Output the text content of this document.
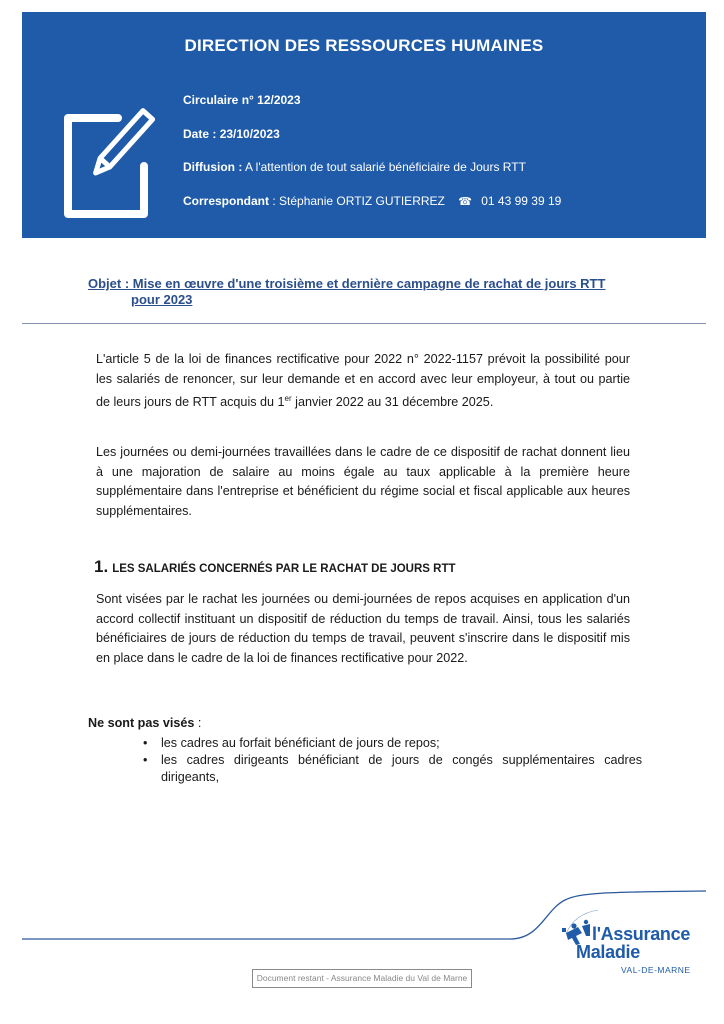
DIRECTION DES RESSOURCES HUMAINES
Circulaire n° 12/2023
Date : 23/10/2023
Diffusion : A l'attention de tout salarié bénéficiaire de Jours RTT
Correspondant : Stéphanie ORTIZ GUTIERREZ ☎ 01 43 99 39 19
Objet : Mise en œuvre d'une troisième et dernière campagne de rachat de jours RTT
pour 2023
L'article 5 de la loi de finances rectificative pour 2022 n° 2022-1157 prévoit la possibilité pour les salariés de renoncer, sur leur demande et en accord avec leur employeur, à tout ou partie de leurs jours de RTT acquis du 1er janvier 2022 au 31 décembre 2025.
Les journées ou demi-journées travaillées dans le cadre de ce dispositif de rachat donnent lieu à une majoration de salaire au moins égale au taux applicable à la première heure supplémentaire dans l'entreprise et bénéficient du régime social et fiscal applicable aux heures supplémentaires.
1. LES SALARIÉS CONCERNÉS PAR LE RACHAT DE JOURS RTT
Sont visées par le rachat les journées ou demi-journées de repos acquises en application d'un accord collectif instituant un dispositif de réduction du temps de travail. Ainsi, tous les salariés bénéficiaires de jours de réduction du temps de travail, peuvent s'inscrire dans le dispositif mis en place dans le cadre de la loi de finances rectificative pour 2022.
Ne sont pas visés :
• les cadres au forfait bénéficiant de jours de repos;
• les cadres dirigeants bénéficiant de jours de congés supplémentaires cadres dirigeants,
l'Assurance
Maladie
VAL-DE-MARNE
Document restant - Assurance Maladie du Val de Marne
